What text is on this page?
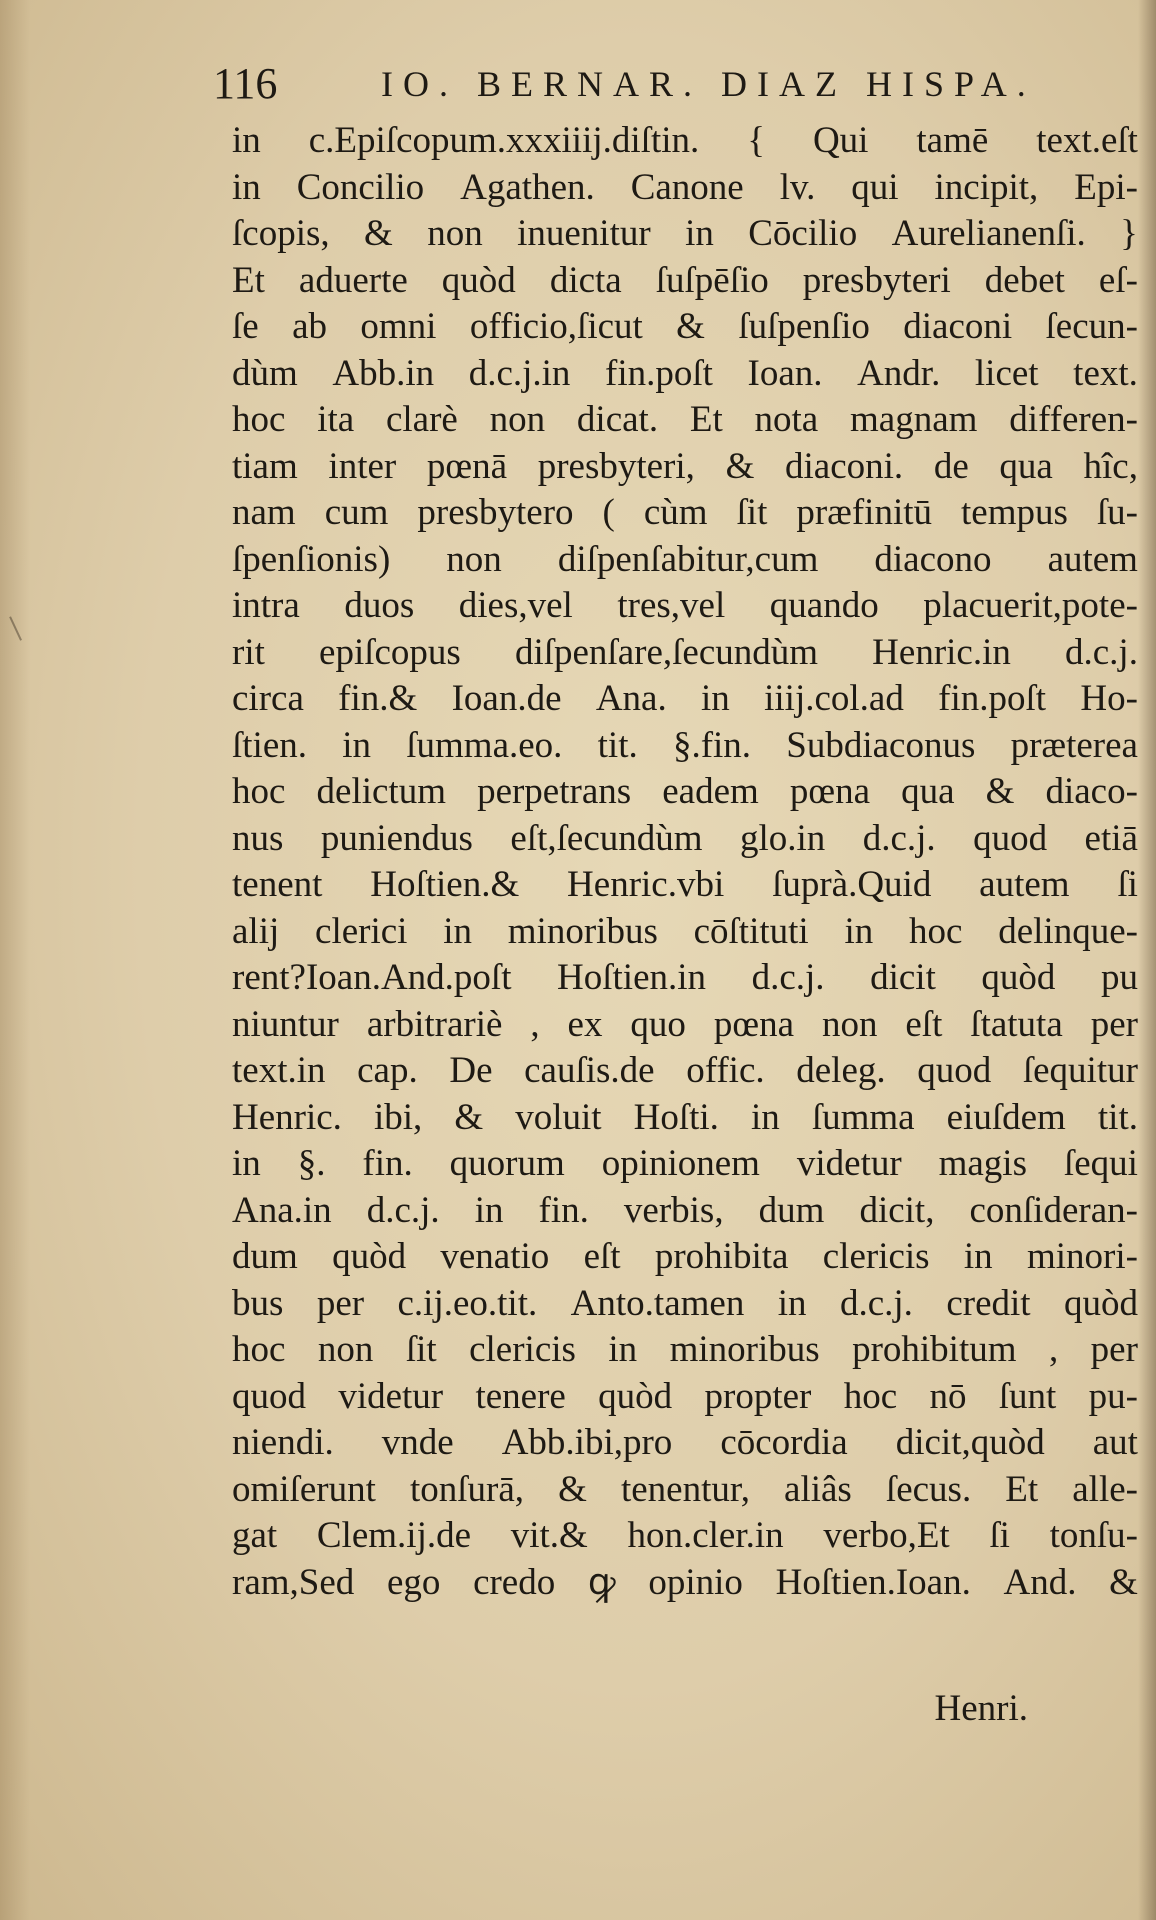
116	IO. BERNAR. DIAZ HISPA.
in c.Epiſcopum.xxxiiij.diſtin. { Qui tamē text.eſt
in Concilio Agathen. Canone lv. qui incipit, Epi-
ſcopis, & non inuenitur in Cōcilio Aurelianenſi. }
Et aduerte quòd dicta ſuſpēſio presbyteri debet eſ-
ſe ab omni officio,ſicut & ſuſpenſio diaconi ſecun-
dùm Abb.in d.c.j.in fin.poſt Ioan. Andr. licet text.
hoc ita clarè non dicat. Et nota magnam differen-
tiam inter pœnā presbyteri, & diaconi. de qua hîc,
nam cum presbytero ( cùm ſit præfinitū tempus ſu-
ſpenſionis) non diſpenſabitur,cum diacono autem
intra duos dies,vel tres,vel quando placuerit,pote-
rit epiſcopus diſpenſare,ſecundùm Henric.in d.c.j.
circa fin.& Ioan.de Ana. in iiij.col.ad fin.poſt Ho-
ſtien. in ſumma.eo. tit. §.fin. Subdiaconus præterea
hoc delictum perpetrans eadem pœna qua & diaco-
nus puniendus eſt,ſecundùm glo.in d.c.j. quod etiā
tenent Hoſtien.& Henric.vbi ſuprà.Quid autem ſi
alij clerici in minoribus cōſtituti in hoc delinque-
rent?Ioan.And.poſt Hoſtien.in d.c.j. dicit quòd pu
niuntur arbitrariè , ex quo pœna non eſt ſtatuta per
text.in cap. De cauſis.de offic. deleg. quod ſequitur
Henric. ibi, & voluit Hoſti. in ſumma eiuſdem tit.
in §. fin. quorum opinionem videtur magis ſequi
Ana.in d.c.j. in fin. verbis, dum dicit, conſideran-
dum quòd venatio eſt prohibita clericis in minori-
bus per c.ij.eo.tit. Anto.tamen in d.c.j. credit quòd
hoc non ſit clericis in minoribus prohibitum , per
quod videtur tenere quòd propter hoc nō ſunt pu-
niendi. vnde Abb.ibi,pro cōcordia dicit,quòd aut
omiſerunt tonſurā, & tenentur, aliâs ſecus. Et alle-
gat Clem.ij.de vit.& hon.cler.in verbo,Et ſi tonſu-
ram,Sed ego credo ꝙ opinio Hoſtien.Ioan. And. &
Henri.
